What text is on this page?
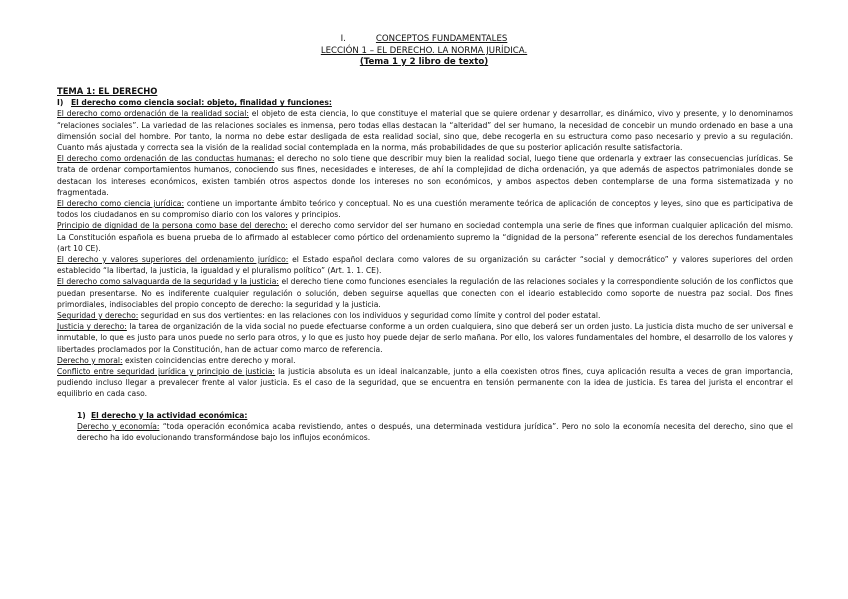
I.	CONCEPTOS FUNDAMENTALES
LECCIÓN 1 – EL DERECHO. LA NORMA JURÍDICA.
(Tema 1 y 2 libro de texto)
TEMA 1: EL DERECHO
I) El derecho como ciencia social: objeto, finalidad y funciones:

El derecho como ordenación de la realidad social: el objeto de esta ciencia, lo que constituye el material que se quiere ordenar y desarrollar, es dinámico, vivo y presente, y lo denominamos “relaciones sociales”. La variedad de las relaciones sociales es inmensa, pero todas ellas destacan la “alteridad” del ser humano, la necesidad de concebir un mundo ordenado en base a una dimensión social del hombre. Por tanto, la norma no debe estar desligada de esta realidad social, sino que, debe recogerla en su estructura como paso necesario y previo a su regulación. Cuanto más ajustada y correcta sea la visión de la realidad social contemplada en la norma, más probabilidades de que su posterior aplicación resulte satisfactoria.

El derecho como ordenación de las conductas humanas: el derecho no solo tiene que describir muy bien la realidad social, luego tiene que ordenarla y extraer las consecuencias jurídicas. Se trata de ordenar comportamientos humanos, conociendo sus fines, necesidades e intereses, de ahí la complejidad de dicha ordenación, ya que además de aspectos patrimoniales donde se destacan los intereses económicos, existen también otros aspectos donde los intereses no son económicos, y ambos aspectos deben contemplarse de una forma sistematizada y no fragmentada.

El derecho como ciencia jurídica: contiene un importante ámbito teórico y conceptual. No es una cuestión meramente teórica de aplicación de conceptos y leyes, sino que es participativa de todos los ciudadanos en su compromiso diario con los valores y principios.

Principio de dignidad de la persona como base del derecho: el derecho como servidor del ser humano en sociedad contempla una serie de fines que informan cualquier aplicación del mismo. La Constitución española es buena prueba de lo afirmado al establecer como pórtico del ordenamiento supremo la “dignidad de la persona” referente esencial de los derechos fundamentales (art 10 CE).

El derecho y valores superiores del ordenamiento jurídico: el Estado español declara como valores de su organización su carácter “social y democrático” y valores superiores del orden establecido “la libertad, la justicia, la igualdad y el pluralismo político” (Art. 1. 1. CE).

El derecho como salvaguarda de la seguridad y la justicia: el derecho tiene como funciones esenciales la regulación de las relaciones sociales y la correspondiente solución de los conflictos que puedan presentarse. No es indiferente cualquier regulación o solución, deben seguirse aquellas que conecten con el ideario establecido como soporte de nuestra paz social. Dos fines primordiales, indisociables del propio concepto de derecho: la seguridad y la justicia.

Seguridad y derecho: seguridad en sus dos vertientes: en las relaciones con los individuos y seguridad como límite y control del poder estatal.

Justicia y derecho: la tarea de organización de la vida social no puede efectuarse conforme a un orden cualquiera, sino que deberá ser un orden justo. La justicia dista mucho de ser universal e inmutable, lo que es justo para unos puede no serlo para otros, y lo que es justo hoy puede dejar de serlo mañana. Por ello, los valores fundamentales del hombre, el desarrollo de los valores y libertades proclamados por la Constitución, han de actuar como marco de referencia.

Derecho y moral: existen coincidencias entre derecho y moral.

Conflicto entre seguridad jurídica y principio de justicia: la justicia absoluta es un ideal inalcanzable, junto a ella coexisten otros fines, cuya aplicación resulta a veces de gran importancia, pudiendo incluso llegar a prevalecer frente al valor justicia. Es el caso de la seguridad, que se encuentra en tensión permanente con la idea de justicia. Es tarea del jurista el encontrar el equilibrio en cada caso.

1) El derecho y la actividad económica:

Derecho y economía: “toda operación económica acaba revistiendo, antes o después, una determinada vestidura jurídica”. Pero no solo la economía necesita del derecho, sino que el derecho ha ido evolucionando transformándose bajo los influjos económicos.
